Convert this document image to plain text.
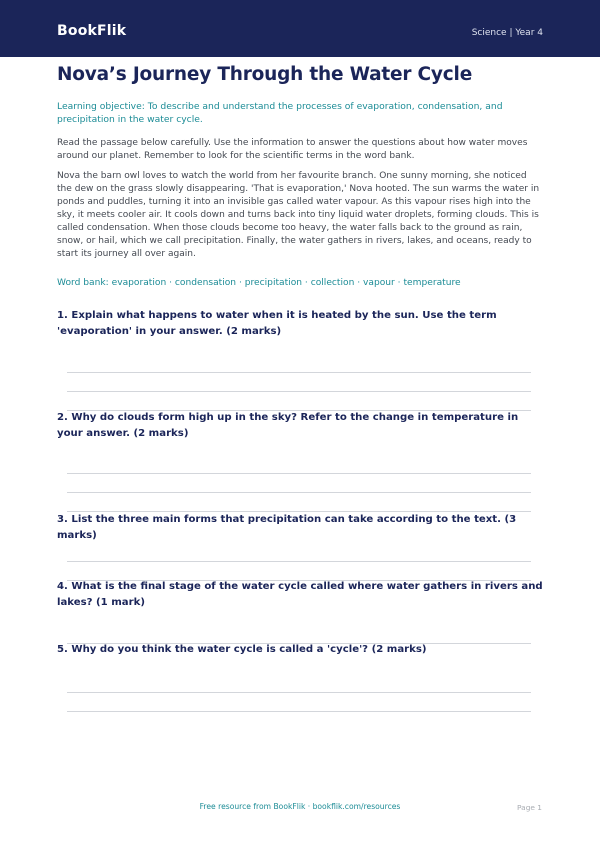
BookFlik	Science | Year 4
Nova’s Journey Through the Water Cycle

Learning objective: To describe and understand the processes of evaporation, condensation, and precipitation in the water cycle.

Read the passage below carefully. Use the information to answer the questions about how water moves around our planet. Remember to look for the scientific terms in the word bank.

Nova the barn owl loves to watch the world from her favourite branch. One sunny morning, she noticed the dew on the grass slowly disappearing. 'That is evaporation,' Nova hooted. The sun warms the water in ponds and puddles, turning it into an invisible gas called water vapour. As this vapour rises high into the sky, it meets cooler air. It cools down and turns back into tiny liquid water droplets, forming clouds. This is called condensation. When those clouds become too heavy, the water falls back to the ground as rain, snow, or hail, which we call precipitation. Finally, the water gathers in rivers, lakes, and oceans, ready to start its journey all over again.

Word bank: evaporation · condensation · precipitation · collection · vapour · temperature

1. Explain what happens to water when it is heated by the sun. Use the term 'evaporation' in your answer. (2 marks)

2. Why do clouds form high up in the sky? Refer to the change in temperature in your answer. (2 marks)

3. List the three main forms that precipitation can take according to the text. (3 marks)

4. What is the final stage of the water cycle called where water gathers in rivers and lakes? (1 mark)

5. Why do you think the water cycle is called a 'cycle'? (2 marks)

Free resource from BookFlik · bookflik.com/resources	Page 1
